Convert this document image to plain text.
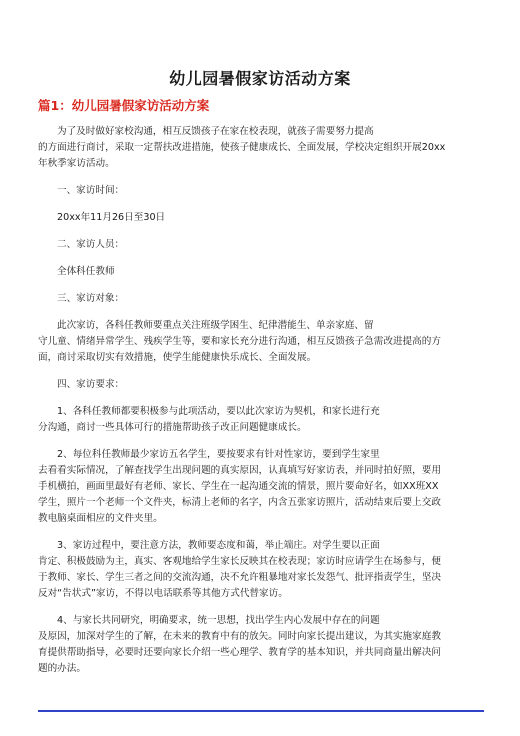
幼儿园暑假家访活动方案
篇1：幼儿园暑假家访活动方案

为了及时做好家校沟通，相互反馈孩子在家在校表现，就孩子需要努力提高
的方面进行商讨，采取一定帮扶改进措施，使孩子健康成长、全面发展，学校决定组织开展20xx
年秋季家访活动。

一、家访时间：

20xx年11月26日至30日

二、家访人员：

全体科任教师

三、家访对象：

此次家访，各科任教师要重点关注班级学困生、纪律潜能生、单亲家庭、留
守儿童、情绪异常学生、残疾学生等，要和家长充分进行沟通，相互反馈孩子急需改进提高的方
面，商讨采取切实有效措施，使学生能健康快乐成长、全面发展。

四、家访要求：

1、各科任教师都要积极参与此项活动，要以此次家访为契机，和家长进行充
分沟通，商讨一些具体可行的措施帮助孩子改正问题健康成长。

2、每位科任教师最少家访五名学生，要按要求有针对性家访，要到学生家里
去看看实际情况，了解查找学生出现问题的真实原因，认真填写好家访表，并同时拍好照，要用
手机横拍，画面里最好有老师、家长、学生在一起沟通交流的情景，照片要命好名，如XX班XX
学生，照片一个老师一个文件夹，标清上老师的名字，内含五张家访照片，活动结束后要上交政
教电脑桌面相应的文件夹里。

3、家访过程中，要注意方法，教师要态度和蔼，举止端庄。对学生要以正面
肯定、积极鼓励为主，真实、客观地给学生家长反映其在校表现；家访时应请学生在场参与，便
于教师、家长、学生三者之间的交流沟通，决不允许粗暴地对家长发怨气、批评指责学生，坚决
反对“告状式”家访，不得以电话联系等其他方式代替家访。

4、与家长共同研究，明确要求，统一思想，找出学生内心发展中存在的问题
及原因，加深对学生的了解，在未来的教育中有的放矢。同时向家长提出建议，为其实施家庭教
育提供帮助指导，必要时还要向家长介绍一些心理学、教育学的基本知识，并共同商量出解决问
题的办法。
